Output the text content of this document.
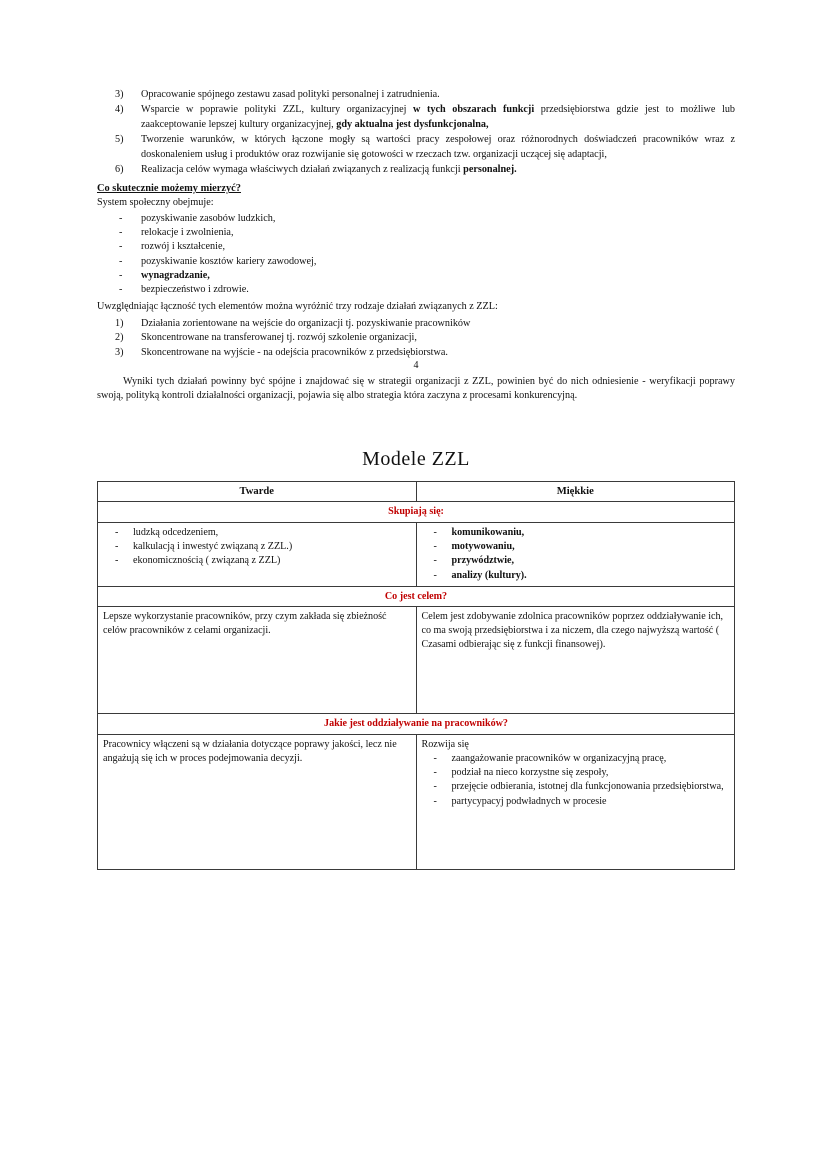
3)	Opracowanie spójnego zestawu zasad polityki personalnej i zatrudnienia.
4)	Wsparcie w poprawie polityki ZZL, kultury organizacyjnej w tych obszarach funkcji przedsiębiorstwa gdzie jest to możliwe lub zaakceptowanie lepszej kultury organizacyjnej, gdy aktualna jest dysfunkcjonalna,
5)	Tworzenie warunków, w których łączone mogły są wartości pracy zespołowej oraz różnorodnych doświadczeń pracowników wraz z doskonaleniem usług i produktów oraz rozwijanie się gotowości w rzeczach tzw. organizacji uczącej się adaptacji,
6)	Realizacja celów wymaga właściwych działań związanych z realizacją funkcji personalnej.
Co skutecznie możemy mierzyć?
System społeczny obejmuje:
- pozyskiwanie zasobów ludzkich,
- relokacje i zwolnienia,
- rozwój i kształcenie,
- pozyskiwanie kosztów kariery zawodowej,
- wynagradzanie,
- bezpieczeństwo i zdrowie.
Uwzględniając łączność tych elementów można wyróżnić trzy rodzaje działań związanych z ZZL:
1)	Działania zorientowane na wejście do organizacji tj. pozyskiwanie pracowników
2)	Skoncentrowane na transferowanej tj. rozwój szkolenie organizacji,
3)	Skoncentrowane na wyjście - na odejścia pracowników z przedsiębiorstwa.
4
Wyniki tych działań powinny być spójne i znajdować się w strategii organizacji z ZZL, powinien być do nich odniesienie - weryfikacji poprawy swoją, polityką kontroli działalności organizacji, pojawia się albo strategia która zaczyna z procesami konkurencyjną.
Modele ZZL
Twarde	Miękkie
Skupiają się:	

- ludzką odcedzeniem,
- kalkulacją i inwestyć związaną z ZZL.)
- ekonomicznością ( związaną z ZZL)

- komunikowaniu,
- motywowaniu,
- przywództwie,
- analizy (kultury).

Co jest celem?	

Lepsze wykorzystanie pracowników, przy czym zakłada się zbieżność celów pracowników z celami organizacji.	Celem jest zdobywanie zdolnica pracowników poprzez oddziaływanie ich, co ma swoją przedsiębiorstwa i za niczem, dla czego najwyższą wartość ( Czasami odbierając się z funkcji finansowej).

Jakie jest oddziaływanie na pracowników?	

Pracownicy włączeni są w działania dotyczące poprawy jakości, lecz nie angażują się ich w proces podejmowania decyzji.

Rozwija się

- zaangażowanie pracowników w organizacyjną pracę,
- podział na nieco korzystne się zespoły,
- przejęcie odbierania, istotnej dla funkcjonowania przedsiębiorstwa,
- partycypacyj podwładnych w procesie
